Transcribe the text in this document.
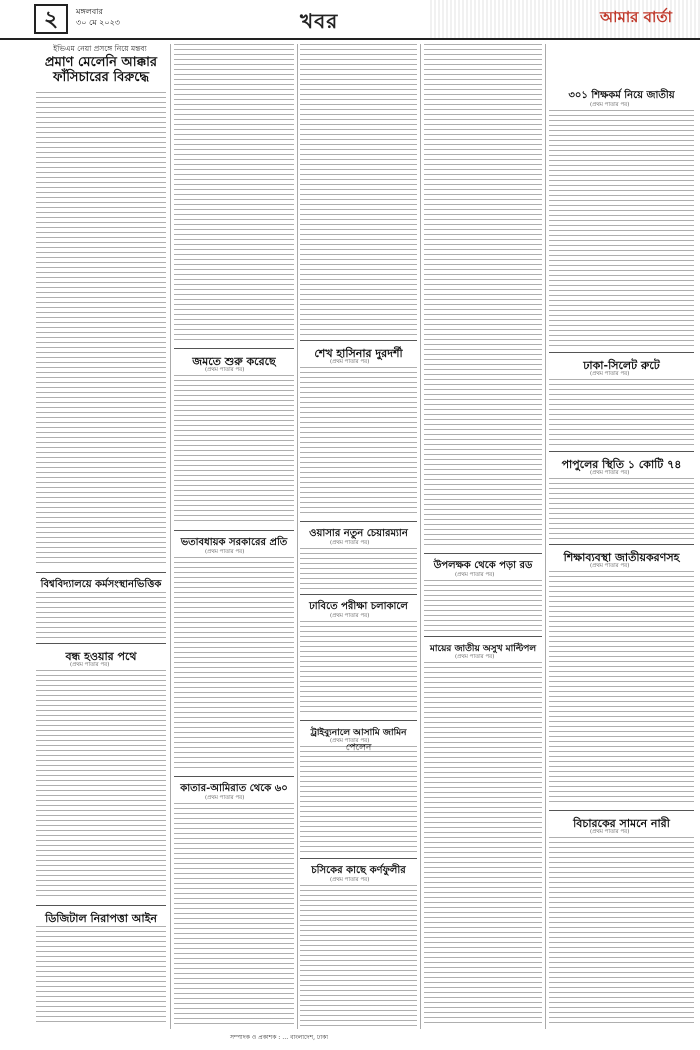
২	মঙ্গলবার
৩০ মে ২০২৩	খবর	আমার বার্তা
ইভিএম নেয়া প্রসঙ্গে নিয়ে মন্তব্য
প্রমাণ মেলেনি আক্কার
ফাঁসিচারের বিরুদ্ধে
বিশ্ববিদ্যালয়ে কর্মসংস্থানভিত্তিক
বন্ধ হওয়ার পথে
(প্রথম পাতার পর)
ডিজিটাল নিরাপত্তা আইন
জমতে শুরু করেছে
(প্রথম পাতার পর)
ভতাবধায়ক সরকারের প্রতি
(প্রথম পাতার পর)
কাতার-আমিরাত থেকে ৬০
(প্রথম পাতার পর)
শেখ হাসিনার দুরদর্শী
(প্রথম পাতার পর)
ওয়াসার নতুন চেয়ারম্যান
(প্রথম পাতার পর)
ঢাবিতে পরীক্ষা চলাকালে
(প্রথম পাতার পর)
ট্রাইব্যুনালে আসামি জামিন
(প্রথম পাতার পর)
চসিকের কাছে কর্ণফুলীর
(প্রথম পাতার পর)
উপলক্ষক থেকে পড়া রড
(প্রথম পাতার পর)
মায়ের জাতীয় অসুখ মাল্টিপল
(প্রথম পাতার পর)
৩০১ শিক্ষকর্ম নিয়ে জাতীয়
(প্রথম পাতার পর)
ঢাকা-সিলেট রুটে
(প্রথম পাতার পর)
পাপুলের স্থিতি ১ কোটি ৭৪
(প্রথম পাতার পর)
শিক্ষাব্যবস্থা জাতীয়করণসহ
(প্রথম পাতার পর)
বিচারকের সামনে নারী
(প্রথম পাতার পর)
সম্পাদক ও প্রকাশক : … বাংলাদেশ, ঢাকা
